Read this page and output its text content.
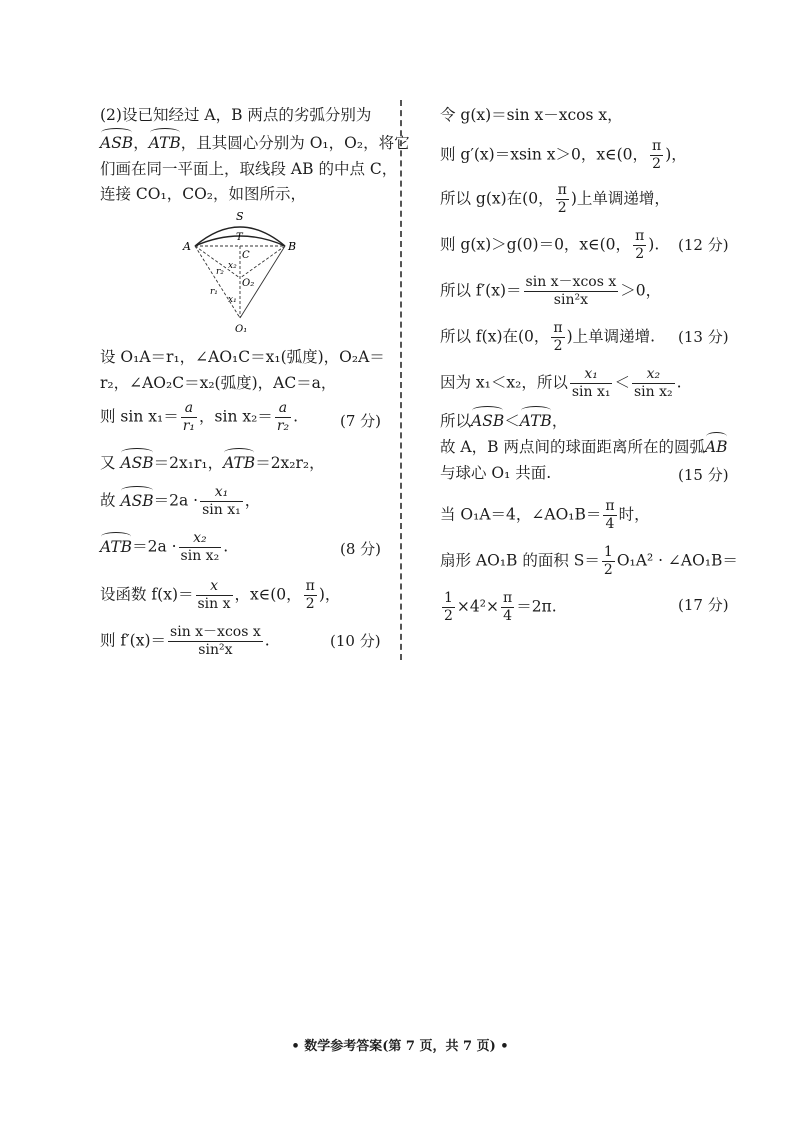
(2)设已知经过 A，B 两点的劣弧分别为
ASB，ATB，且其圆心分别为 O₁，O₂，将它
们画在同一平面上，取线段 AB 的中点 C，
连接 CO₁，CO₂，如图所示，
S
T
A	B
C
x₂
r₂
O₂
r₁
x₁
O₁
设 O₁A＝r₁，∠AO₁C＝x₁(弧度)，O₂A＝
r₂，∠AO₂C＝x₂(弧度)，AC＝a，
则 $\sin x_1= \frac{a}{\text{r₁}}$ ，$\sin x_2= \frac{a}{\text{r₂}}$ .	(7 分)
又 ASB＝2x₁r₁，ATB＝2x₂r₂，
故 $ASB=2a \cdot \frac{\text{x₁}}{\text{sin x₁}}$ ，
$ATB=2a \cdot \frac{\text{x₂}}{\text{sin x₂}}$ .	(8 分)
设函数 $f(x)= \frac{x}{\text{sin x}}$ ，x∈(0， $\frac{\pi}{2}$ )，
则 $f'(x)= \frac{\text{sin x－xcos x}}{\text{sin²x}}$ .	(10 分)
令 g(x)＝sin x－xcos x，
则 g′(x)＝xsin x＞0，x∈(0， $\frac{\pi}{2}$ )，
所以 g(x)在(0， $\frac{\pi}{2}$ )上单调递增，
则 g(x)＞g(0)＝0，x∈(0， $\frac{\pi}{2}$ ). (12 分)
所以 $f'(x)= \frac{\text{sin x－xcos x}}{\text{sin²x}} >0$，
所以 f(x)在(0， $\frac{\pi}{2}$ )上单调递增. (13 分)
因为 x₁＜x₂，所以 $\frac{\text{x₁}}{\text{sin x₁}} < \frac{\text{x₂}}{\text{sin x₂}}$ .
所以ASB＜ATB，
故 A，B 两点间的球面距离所在的圆弧AB
与球心 O₁ 共面.	(15 分)
当 O₁A＝4，∠AO₁B＝ $\frac{\pi}{4}$ 时，
扇形 AO₁B 的面积 $S= \frac{1}{2} O_1A^2$ · ∠AO₁B＝
$\frac{1}{2} \times 4^2\times \frac{\pi}{4} =2\pi$.	(17 分)
• 数学参考答案(第 7 页，共 7 页) •
